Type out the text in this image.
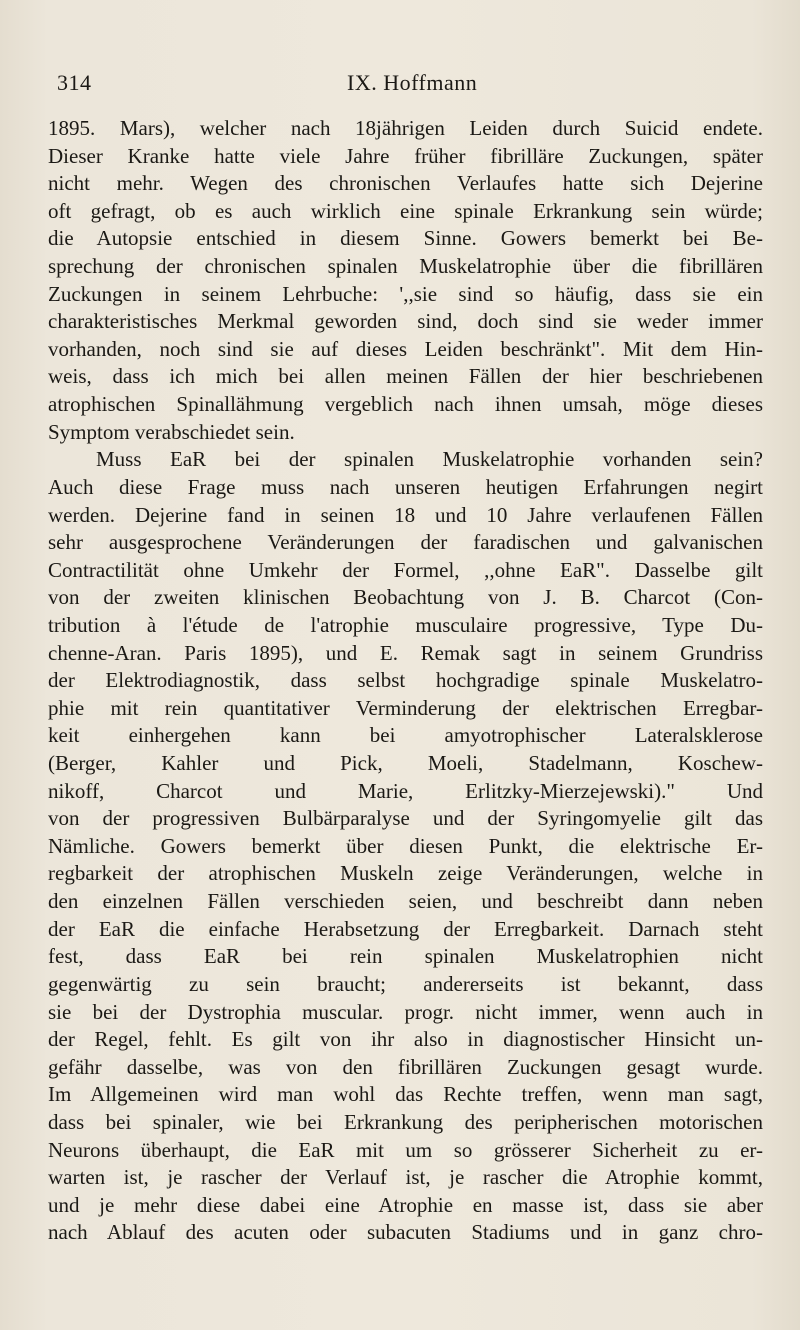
314	IX. Hoffmann
1895. Mars), welcher nach 18jährigen Leiden durch Suicid endete.
Dieser Kranke hatte viele Jahre früher fibrilläre Zuckungen, später
nicht mehr. Wegen des chronischen Verlaufes hatte sich Dejerine
oft gefragt, ob es auch wirklich eine spinale Erkrankung sein würde;
die Autopsie entschied in diesem Sinne. Gowers bemerkt bei Be-
sprechung der chronischen spinalen Muskelatrophie über die fibrillären
Zuckungen in seinem Lehrbuche: ',,sie sind so häufig, dass sie ein
charakteristisches Merkmal geworden sind, doch sind sie weder immer
vorhanden, noch sind sie auf dieses Leiden beschränkt". Mit dem Hin-
weis, dass ich mich bei allen meinen Fällen der hier beschriebenen
atrophischen Spinallähmung vergeblich nach ihnen umsah, möge dieses
Symptom verabschiedet sein.
Muss EaR bei der spinalen Muskelatrophie vorhanden sein?
Auch diese Frage muss nach unseren heutigen Erfahrungen negirt
werden. Dejerine fand in seinen 18 und 10 Jahre verlaufenen Fällen
sehr ausgesprochene Veränderungen der faradischen und galvanischen
Contractilität ohne Umkehr der Formel, ,,ohne EaR". Dasselbe gilt
von der zweiten klinischen Beobachtung von J. B. Charcot (Con-
tribution à l'étude de l'atrophie musculaire progressive, Type Du-
chenne-Aran. Paris 1895), und E. Remak sagt in seinem Grundriss
der Elektrodiagnostik, dass selbst hochgradige spinale Muskelatro-
phie mit rein quantitativer Verminderung der elektrischen Erregbar-
keit einhergehen kann bei amyotrophischer Lateralsklerose
(Berger, Kahler und Pick, Moeli, Stadelmann, Koschew-
nikoff, Charcot und Marie, Erlitzky-Mierzejewski)." Und
von der progressiven Bulbärparalyse und der Syringomyelie gilt das
Nämliche. Gowers bemerkt über diesen Punkt, die elektrische Er-
regbarkeit der atrophischen Muskeln zeige Veränderungen, welche in
den einzelnen Fällen verschieden seien, und beschreibt dann neben
der EaR die einfache Herabsetzung der Erregbarkeit. Darnach steht
fest, dass EaR bei rein spinalen Muskelatrophien nicht
gegenwärtig zu sein braucht; andererseits ist bekannt, dass
sie bei der Dystrophia muscular. progr. nicht immer, wenn auch in
der Regel, fehlt. Es gilt von ihr also in diagnostischer Hinsicht un-
gefähr dasselbe, was von den fibrillären Zuckungen gesagt wurde.
Im Allgemeinen wird man wohl das Rechte treffen, wenn man sagt,
dass bei spinaler, wie bei Erkrankung des peripherischen motorischen
Neurons überhaupt, die EaR mit um so grösserer Sicherheit zu er-
warten ist, je rascher der Verlauf ist, je rascher die Atrophie kommt,
und je mehr diese dabei eine Atrophie en masse ist, dass sie aber
nach Ablauf des acuten oder subacuten Stadiums und in ganz chro-
